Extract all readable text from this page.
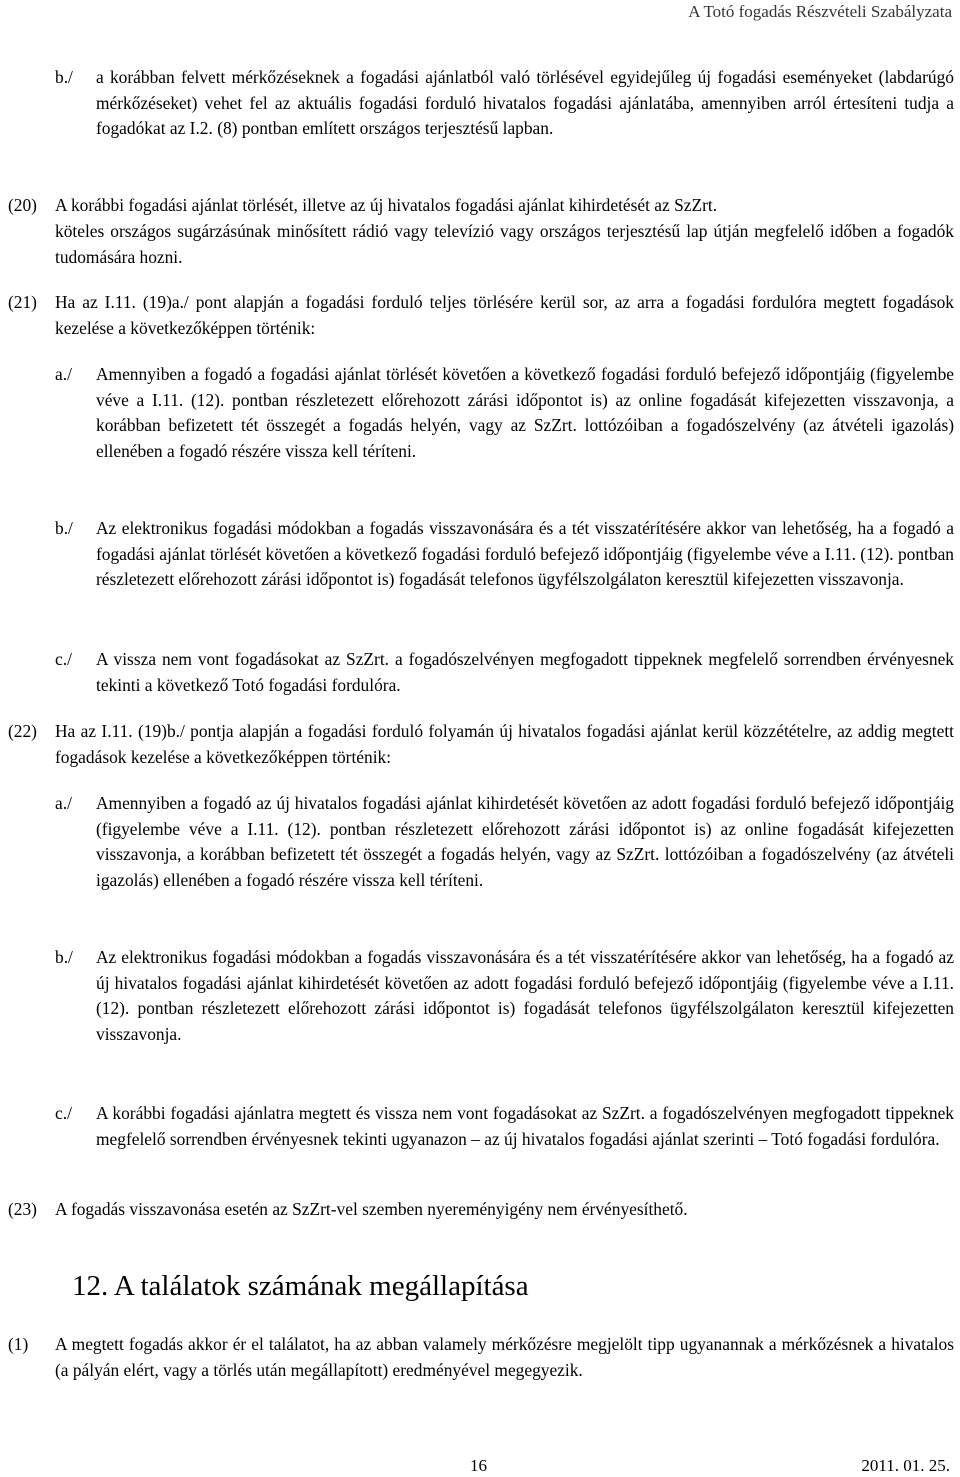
A Totó fogadás Részvételi Szabályzata
b./ a korábban felvett mérkőzéseknek a fogadási ajánlatból való törlésével egyidejűleg új fogadási eseményeket (labdarúgó mérkőzéseket) vehet fel az aktuális fogadási forduló hivatalos fogadási ajánlatába, amennyiben arról értesíteni tudja a fogadókat az I.2. (8) pontban említett országos terjesztésű lapban.
(20) A korábbi fogadási ajánlat törlését, illetve az új hivatalos fogadási ajánlat kihirdetését az SzZrt.
köteles országos sugárzásúnak minősített rádió vagy televízió vagy országos terjesztésű lap útján megfelelő időben a fogadók tudomására hozni.
(21) Ha az I.11. (19)a./ pont alapján a fogadási forduló teljes törlésére kerül sor, az arra a fogadási fordulóra megtett fogadások kezelése a következőképpen történik:
a./ Amennyiben a fogadó a fogadási ajánlat törlését követően a következő fogadási forduló befejező időpontjáig (figyelembe véve a I.11. (12). pontban részletezett előrehozott zárási időpontot is) az online fogadását kifejezetten visszavonja, a korábban befizetett tét összegét a fogadás helyén, vagy az SzZrt. lottózóiban a fogadószelvény (az átvételi igazolás) ellenében a fogadó részére vissza kell téríteni.
b./ Az elektronikus fogadási módokban a fogadás visszavonására és a tét visszatérítésére akkor van lehetőség, ha a fogadó a fogadási ajánlat törlését követően a következő fogadási forduló befejező időpontjáig (figyelembe véve a I.11. (12). pontban részletezett előrehozott zárási időpontot is) fogadását telefonos ügyfélszolgálaton keresztül kifejezetten visszavonja.
c./ A vissza nem vont fogadásokat az SzZrt. a fogadószelvényen megfogadott tippeknek megfelelő sorrendben érvényesnek tekinti a következő Totó fogadási fordulóra.
(22) Ha az I.11. (19)b./ pontja alapján a fogadási forduló folyamán új hivatalos fogadási ajánlat kerül közzétételre, az addig megtett fogadások kezelése a következőképpen történik:
a./ Amennyiben a fogadó az új hivatalos fogadási ajánlat kihirdetését követően az adott fogadási forduló befejező időpontjáig (figyelembe véve a I.11. (12). pontban részletezett előrehozott zárási időpontot is) az online fogadását kifejezetten visszavonja, a korábban befizetett tét összegét a fogadás helyén, vagy az SzZrt. lottózóiban a fogadószelvény (az átvételi igazolás) ellenében a fogadó részére vissza kell téríteni.
b./ Az elektronikus fogadási módokban a fogadás visszavonására és a tét visszatérítésére akkor van lehetőség, ha a fogadó az új hivatalos fogadási ajánlat kihirdetését követően az adott fogadási forduló befejező időpontjáig (figyelembe véve a I.11. (12). pontban részletezett előrehozott zárási időpontot is) fogadását telefonos ügyfélszolgálaton keresztül kifejezetten visszavonja.
c./ A korábbi fogadási ajánlatra megtett és vissza nem vont fogadásokat az SzZrt. a fogadószelvényen megfogadott tippeknek megfelelő sorrendben érvényesnek tekinti ugyanazon – az új hivatalos fogadási ajánlat szerinti – Totó fogadási fordulóra.
(23) A fogadás visszavonása esetén az SzZrt-vel szemben nyereményigény nem érvényesíthető.
12. A találatok számának megállapítása
(1) A megtett fogadás akkor ér el találatot, ha az abban valamely mérkőzésre megjelölt tipp ugyanannak a mérkőzésnek a hivatalos (a pályán elért, vagy a törlés után megállapított) eredményével megegyezik.
16	2011. 01. 25.
